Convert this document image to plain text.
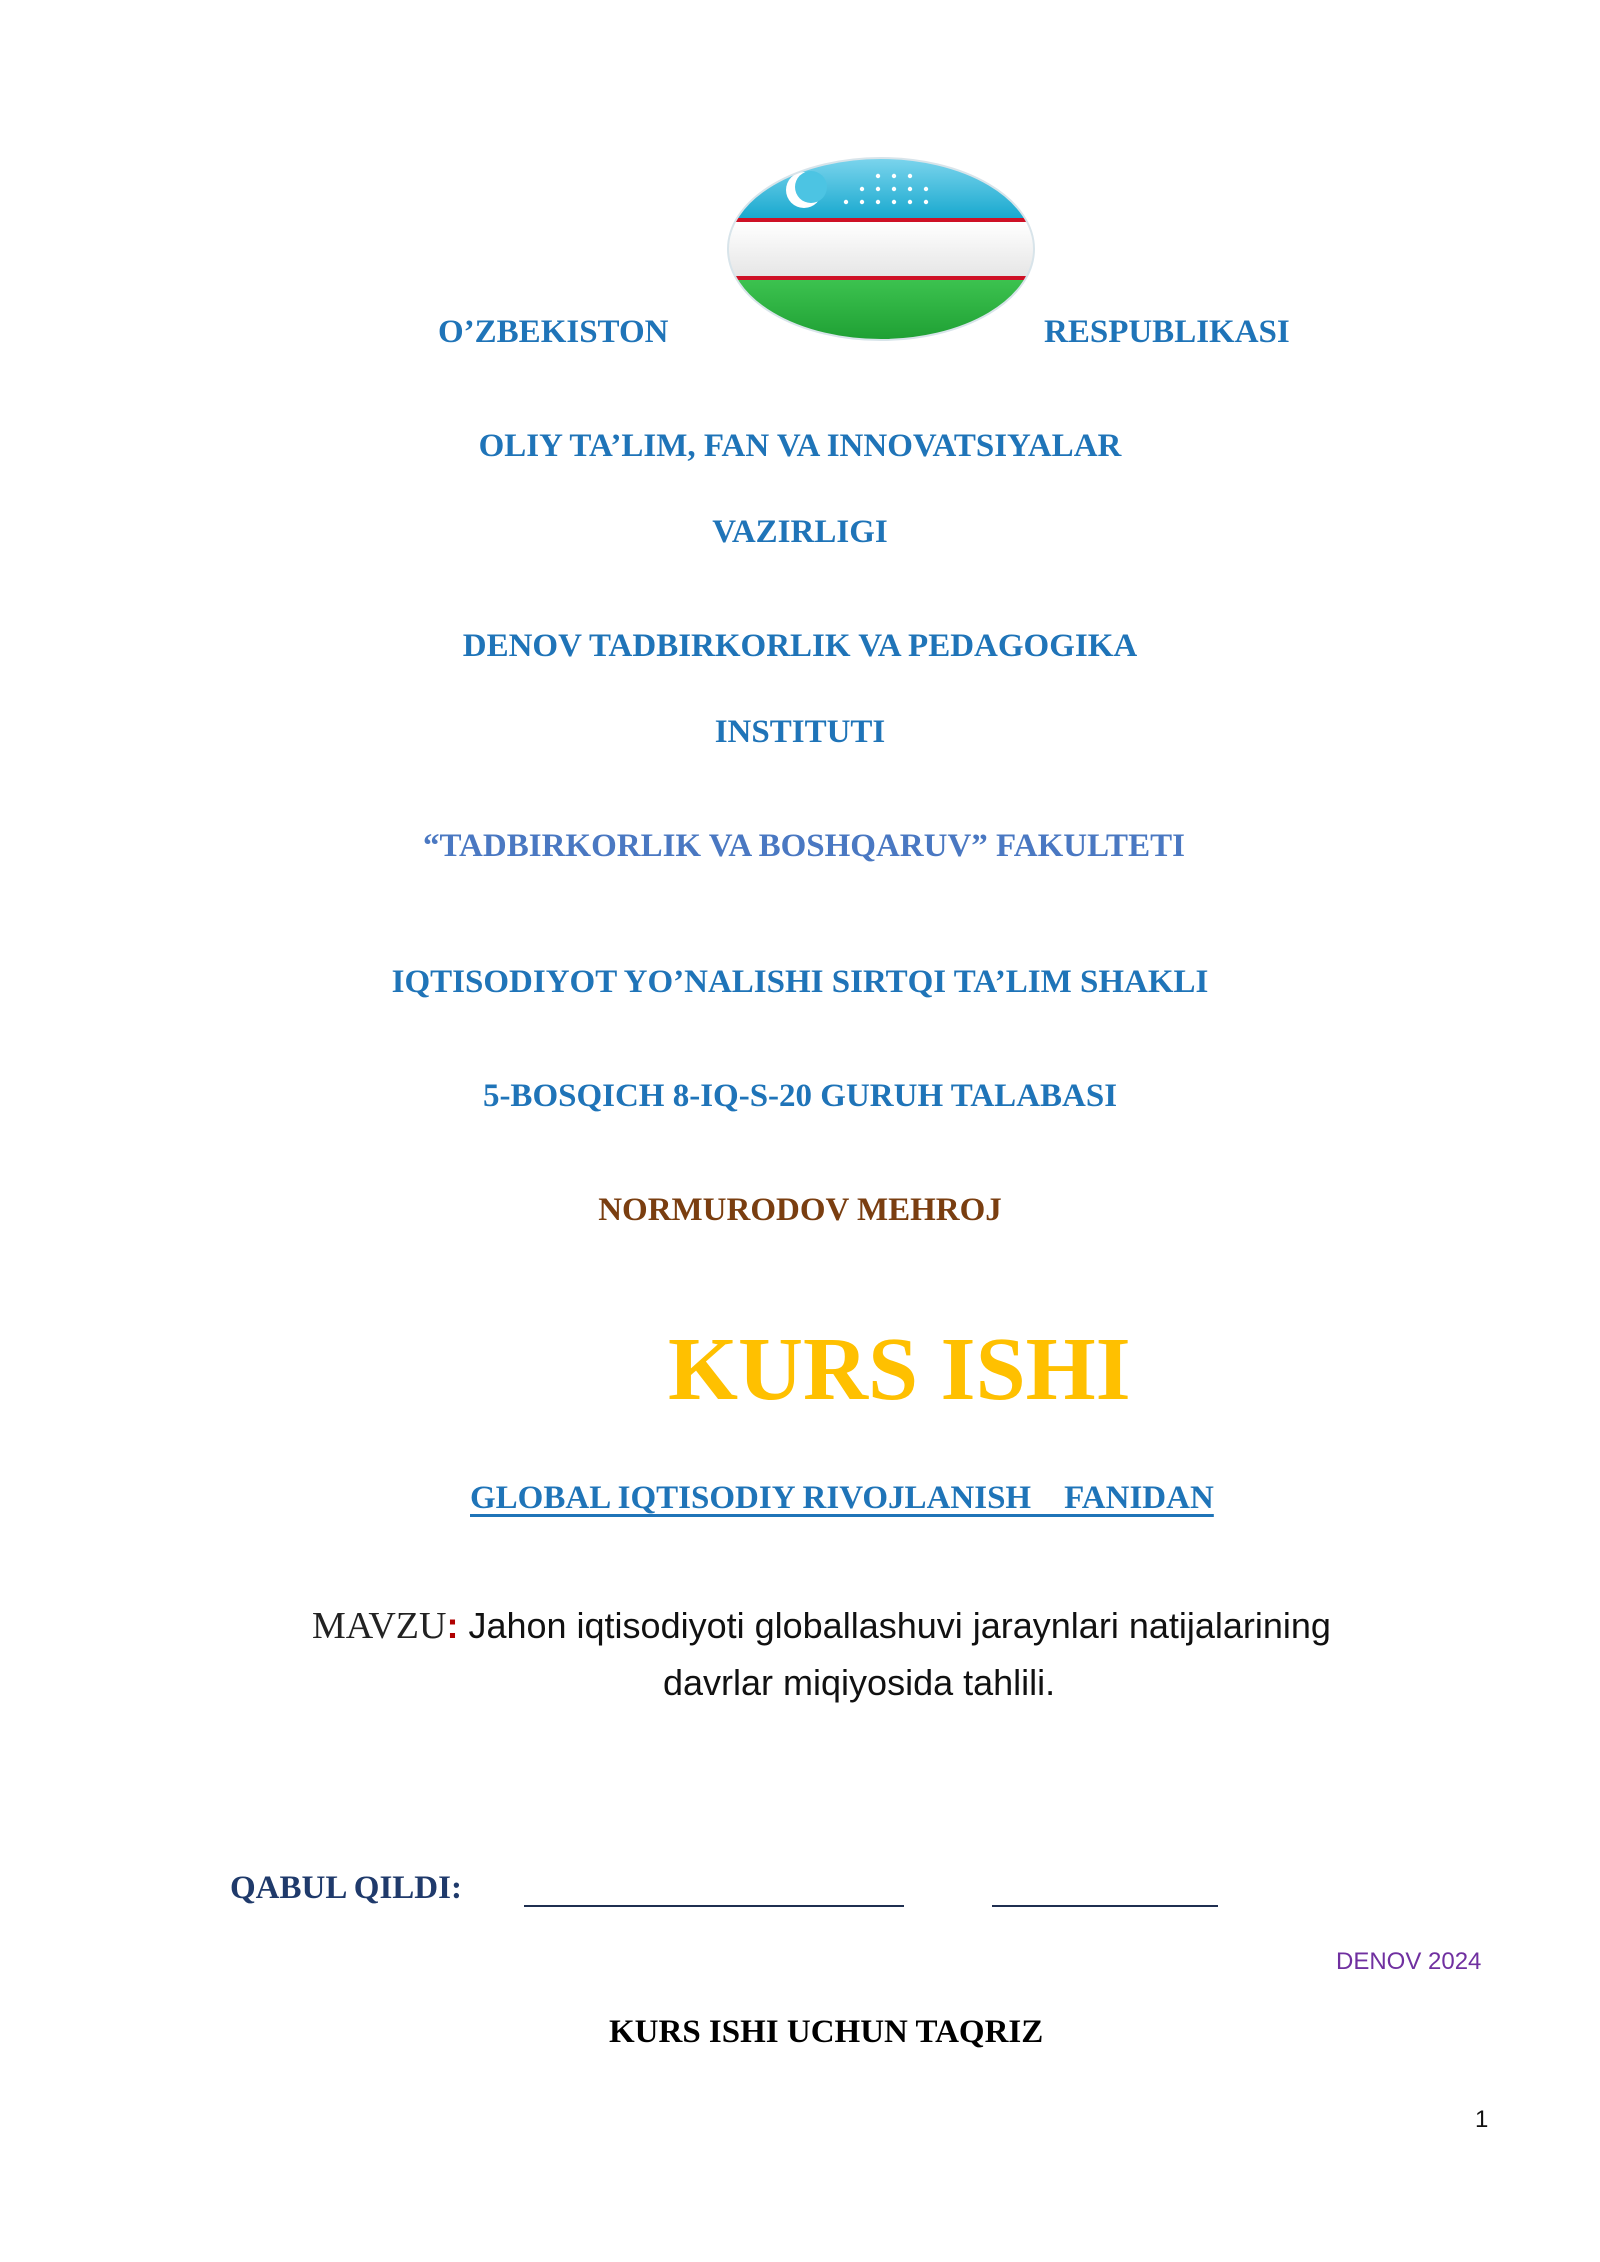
O’ZBEKISTON	RESPUBLIKASI
OLIY TA’LIM, FAN VA INNOVATSIYALAR
VAZIRLIGI
DENOV TADBIRKORLIK VA PEDAGOGIKA
INSTITUTI
“TADBIRKORLIK VA BOSHQARUV” FAKULTETI
IQTISODIYOT YO’NALISHI SIRTQI TA’LIM SHAKLI
5-BOSQICH 8-IQ-S-20 GURUH TALABASI
NORMURODOV MEHROJ
KURS ISHI
GLOBAL IQTISODIY RIVOJLANISH    FANIDAN
MAVZU: Jahon iqtisodiyoti globallashuvi jaraynlari natijalarining
davrlar miqiyosida tahlili.
QABUL QILDI:
DENOV 2024
KURS ISHI UCHUN TAQRIZ
1
